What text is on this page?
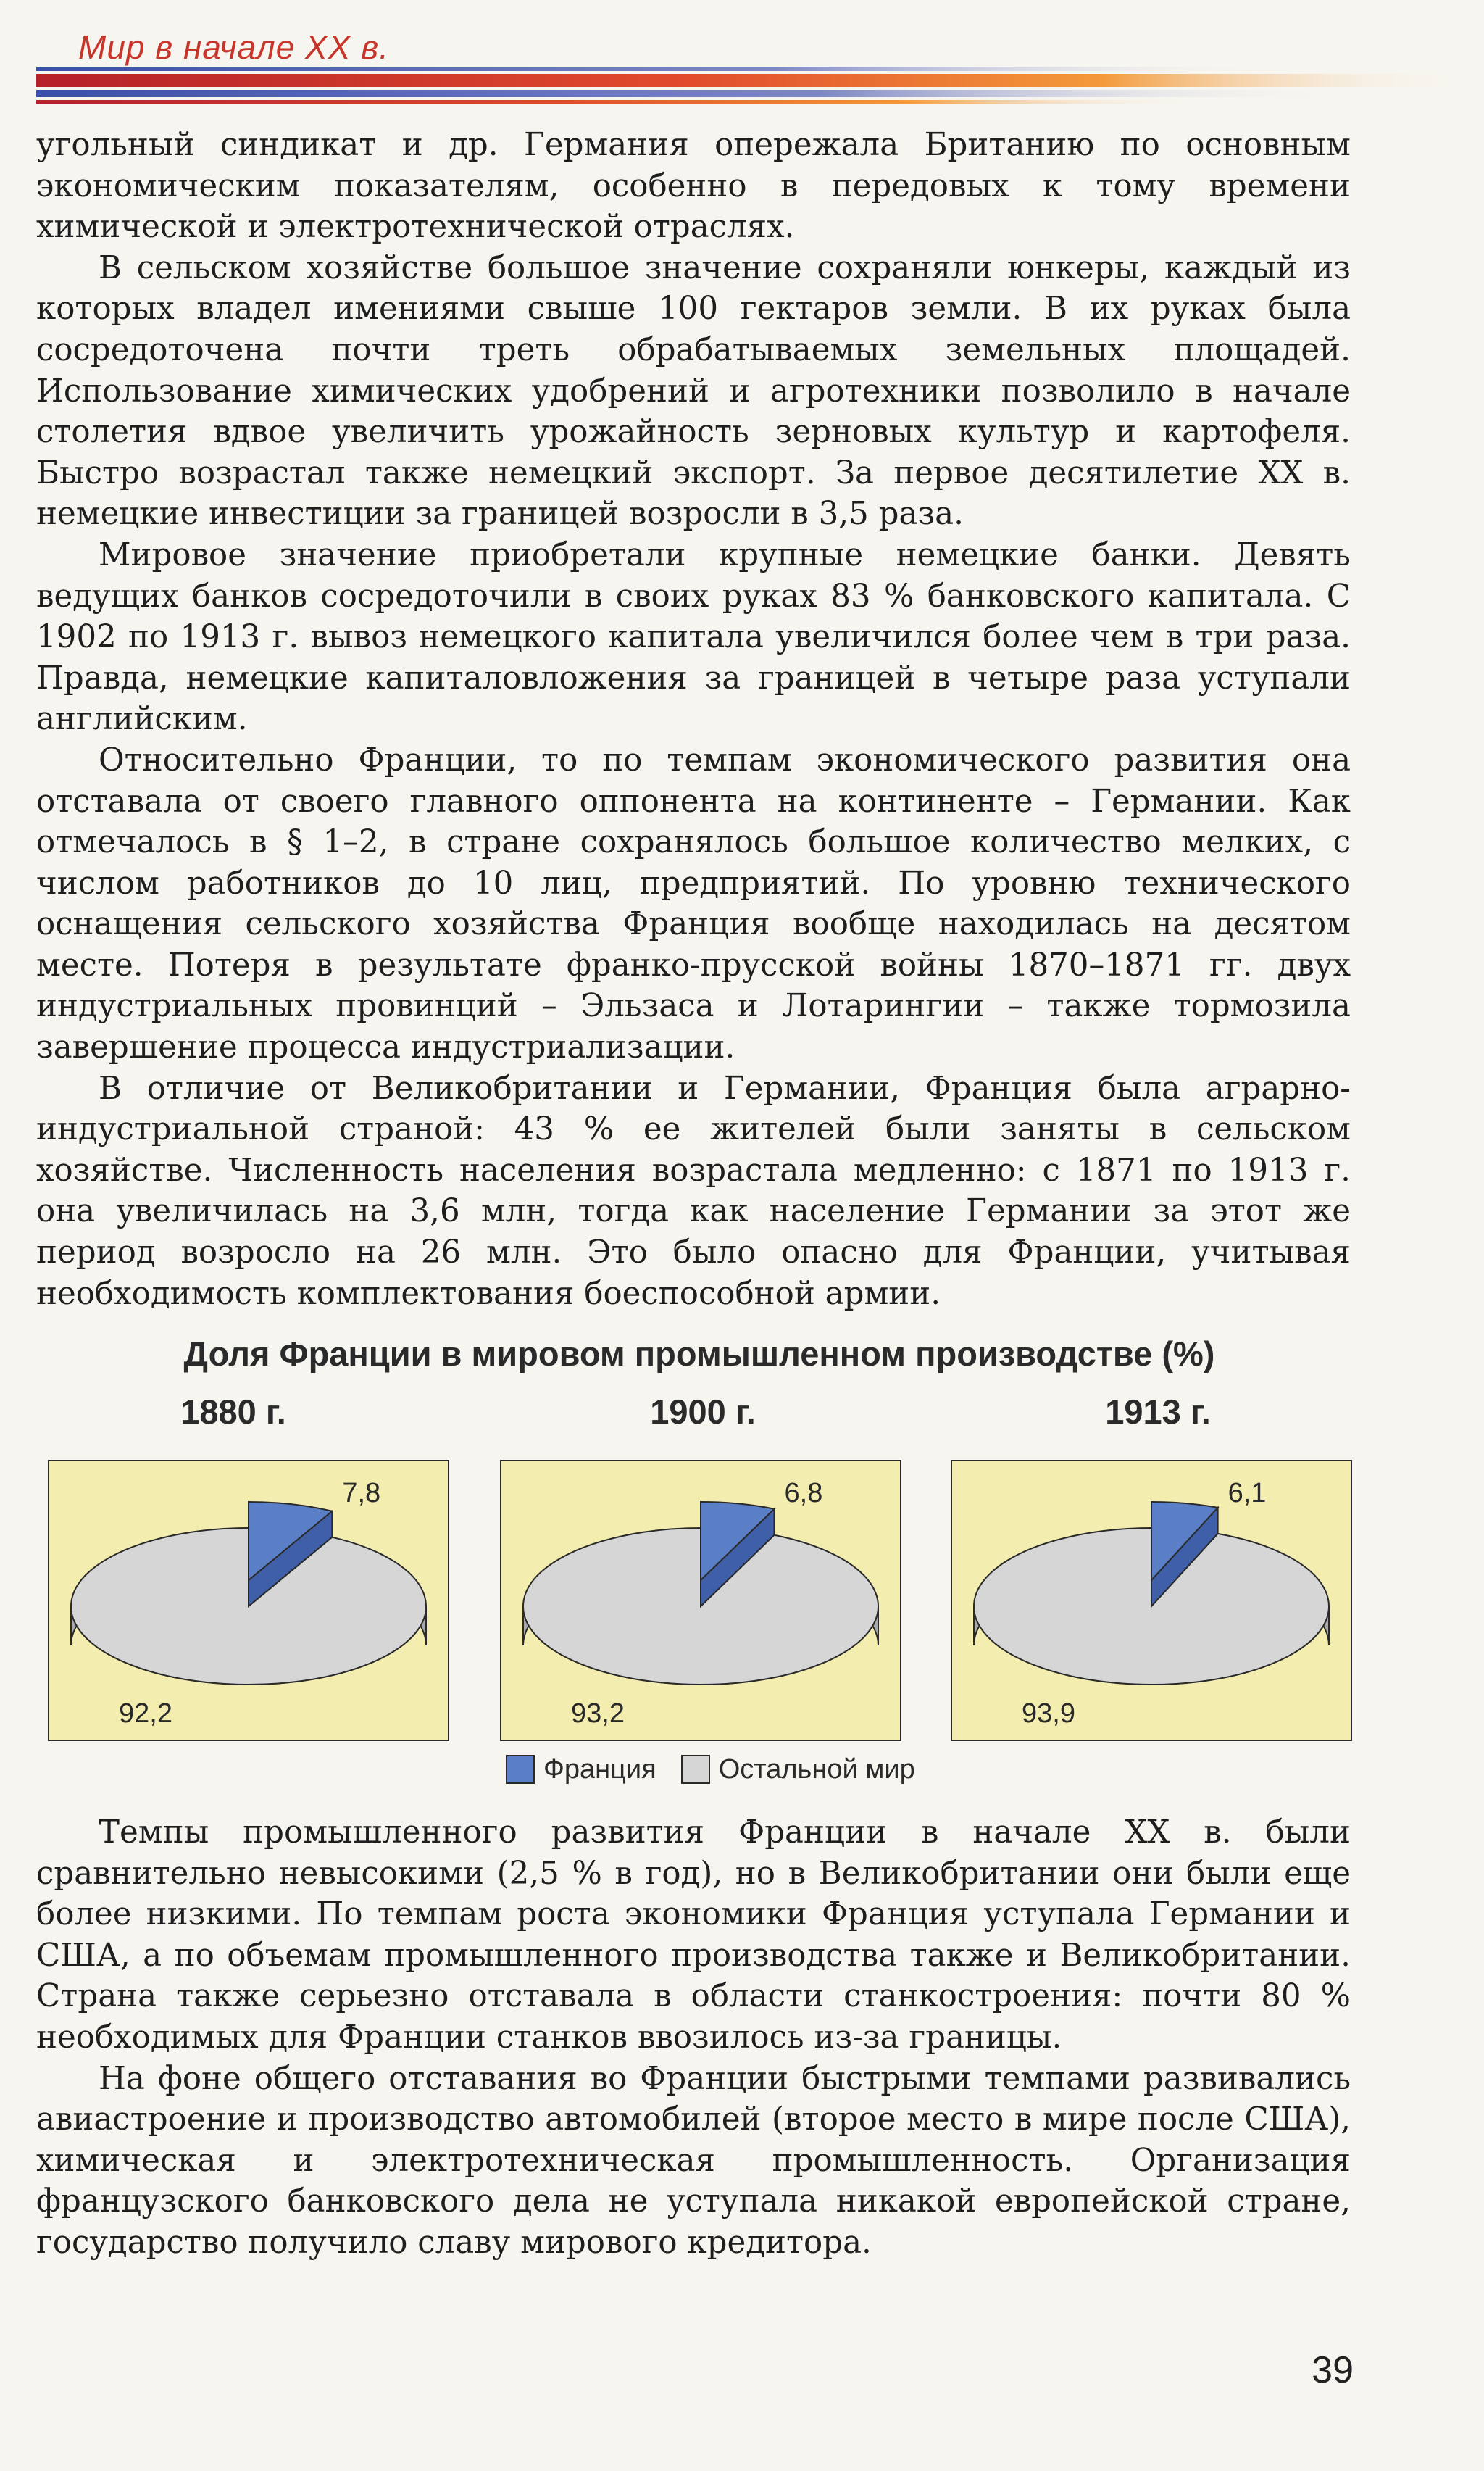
Мир в начале XX в.

угольный синдикат и др. Германия опережала Британию по основным экономическим показателям, особенно в передовых к тому времени химической и электротехнической отраслях.

В сельском хозяйстве большое значение сохраняли юнкеры, каждый из которых владел имениями свыше 100 гектаров земли. В их руках была сосредоточена почти треть обрабатываемых земельных площадей. Использование химических удобрений и агротехники позволило в начале столетия вдвое увеличить урожайность зерновых культур и картофеля. Быстро возрастал также немецкий экспорт. За первое десятилетие XX в. немецкие инвестиции за границей возросли в 3,5 раза.

Мировое значение приобретали крупные немецкие банки. Девять ведущих банков сосредоточили в своих руках 83 % банковского капитала. С 1902 по 1913 г. вывоз немецкого капитала увеличился более чем в три раза. Правда, немецкие капиталовложения за границей в четыре раза уступали английским.

Относительно Франции, то по темпам экономического развития она отставала от своего главного оппонента на континенте – Германии. Как отмечалось в § 1–2, в стране сохранялось большое количество мелких, с числом работников до 10 лиц, предприятий. По уровню технического оснащения сельского хозяйства Франция вообще находилась на десятом месте. Потеря в результате франко-прусской войны 1870–1871 гг. двух индустриальных провинций – Эльзаса и Лотарингии – также тормозила завершение процесса индустриализации.

В отличие от Великобритании и Германии, Франция была аграрно-индустриальной страной: 43 % ее жителей были заняты в сельском хозяйстве. Численность населения возрастала медленно: с 1871 по 1913 г. она увеличилась на 3,6 млн, тогда как население Германии за этот же период возросло на 26 млн. Это было опасно для Франции, учитывая необходимость комплектования боеспособной армии.

Доля Франции в мировом промышленном производстве (%)
1880 г.	1900 г.	1913 г.
7,8
92,2
6,8
93,2
6,1
93,9
Франция Остальной мир

Темпы промышленного развития Франции в начале XX в. были сравнительно невысокими (2,5 % в год), но в Великобритании они были еще более низкими. По темпам роста экономики Франция уступала Германии и США, а по объемам промышленного производства также и Великобритании. Страна также серьезно отставала в области станкостроения: почти 80 % необходимых для Франции станков ввозилось из-за границы.

На фоне общего отставания во Франции быстрыми темпами развивались авиастроение и производство автомобилей (второе место в мире после США), химическая и электротехническая промышленность. Организация французского банковского дела не уступала никакой европейской стране, государство получило славу мирового кредитора.

39
